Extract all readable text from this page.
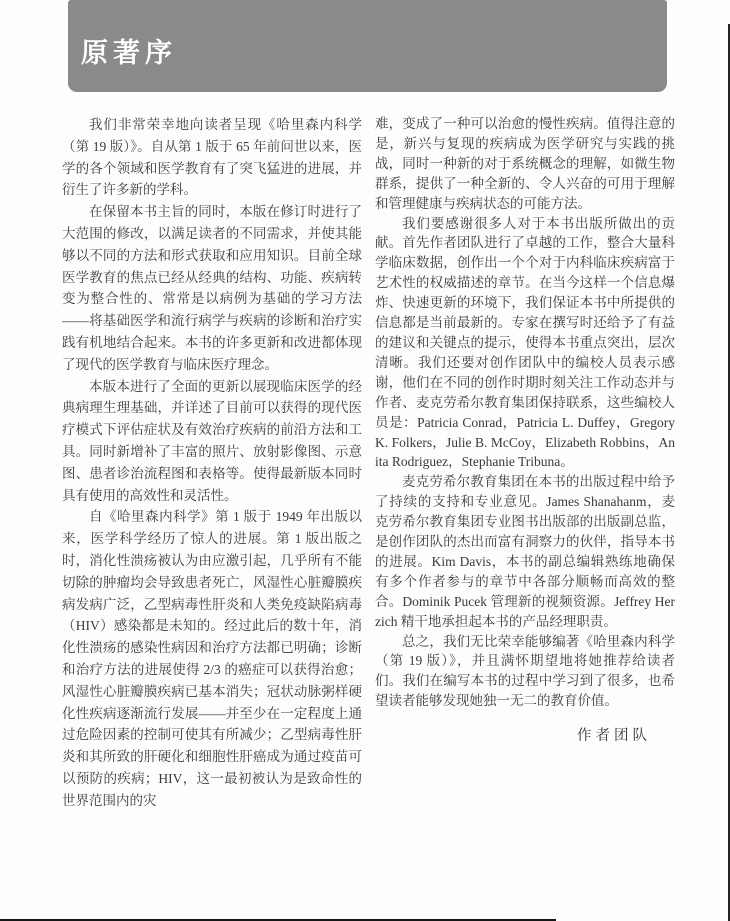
原著序

我们非常荣幸地向读者呈现《哈里森内科学（第 19 版）》。自从第 1 版于 65 年前问世以来，医学的各个领域和医学教育有了突飞猛进的进展，并衍生了许多新的学科。

在保留本书主旨的同时，本版在修订时进行了大范围的修改，以满足读者的不同需求，并使其能够以不同的方法和形式获取和应用知识。目前全球医学教育的焦点已经从经典的结构、功能、疾病转变为整合性的、常常是以病例为基础的学习方法——将基础医学和流行病学与疾病的诊断和治疗实践有机地结合起来。本书的许多更新和改进都体现了现代的医学教育与临床医疗理念。

本版本进行了全面的更新以展现临床医学的经典病理生理基础，并详述了目前可以获得的现代医疗模式下评估症状及有效治疗疾病的前沿方法和工具。同时新增补了丰富的照片、放射影像图、示意图、患者诊治流程图和表格等。使得最新版本同时具有使用的高效性和灵活性。

自《哈里森内科学》第 1 版于 1949 年出版以来，医学科学经历了惊人的进展。第 1 版出版之时，消化性溃疡被认为由应激引起，几乎所有不能切除的肿瘤均会导致患者死亡，风湿性心脏瓣膜疾病发病广泛，乙型病毒性肝炎和人类免疫缺陷病毒（HIV）感染都是未知的。经过此后的数十年，消化性溃疡的感染性病因和治疗方法都已明确；诊断和治疗方法的进展使得 2/3 的癌症可以获得治愈；风湿性心脏瓣膜疾病已基本消失；冠状动脉粥样硬化性疾病逐渐流行发展——并至少在一定程度上通过危险因素的控制可使其有所减少；乙型病毒性肝炎和其所致的肝硬化和细胞性肝癌成为通过疫苗可以预防的疾病；HIV，这一最初被认为是致命性的世界范围内的灾

难，变成了一种可以治愈的慢性疾病。值得注意的是，新兴与复现的疾病成为医学研究与实践的挑战，同时一种新的对于系统概念的理解，如微生物群系，提供了一种全新的、令人兴奋的可用于理解和管理健康与疾病状态的可能方法。

我们要感谢很多人对于本书出版所做出的贡献。首先作者团队进行了卓越的工作，整合大量科学临床数据，创作出一个个对于内科临床疾病富于艺术性的权威描述的章节。在当今这样一个信息爆炸、快速更新的环境下，我们保证本书中所提供的信息都是当前最新的。专家在撰写时还给予了有益的建议和关键点的提示，使得本书重点突出，层次清晰。我们还要对创作团队中的编校人员表示感谢，他们在不同的创作时期时刻关注工作动态并与作者、麦克劳希尔教育集团保持联系，这些编校人员是：Patricia Conrad，Patricia L. Duffey，Gregory K. Folkers，Julie B. McCoy，Elizabeth Robbins，Anita Rodriguez，Stephanie Tribuna。

麦克劳希尔教育集团在本书的出版过程中给予了持续的支持和专业意见。James Shanahanm，麦克劳希尔教育集团专业图书出版部的出版副总监，是创作团队的杰出而富有洞察力的伙伴，指导本书的进展。Kim Davis，本书的副总编辑熟练地确保有多个作者参与的章节中各部分顺畅而高效的整合。Dominik Pucek 管理新的视频资源。Jeffrey Herzich 精干地承担起本书的产品经理职责。

总之，我们无比荣幸能够编著《哈里森内科学（第 19 版）》，并且满怀期望地将她推荐给读者们。我们在编写本书的过程中学习到了很多，也希望读者能够发现她独一无二的教育价值。

作者团队
